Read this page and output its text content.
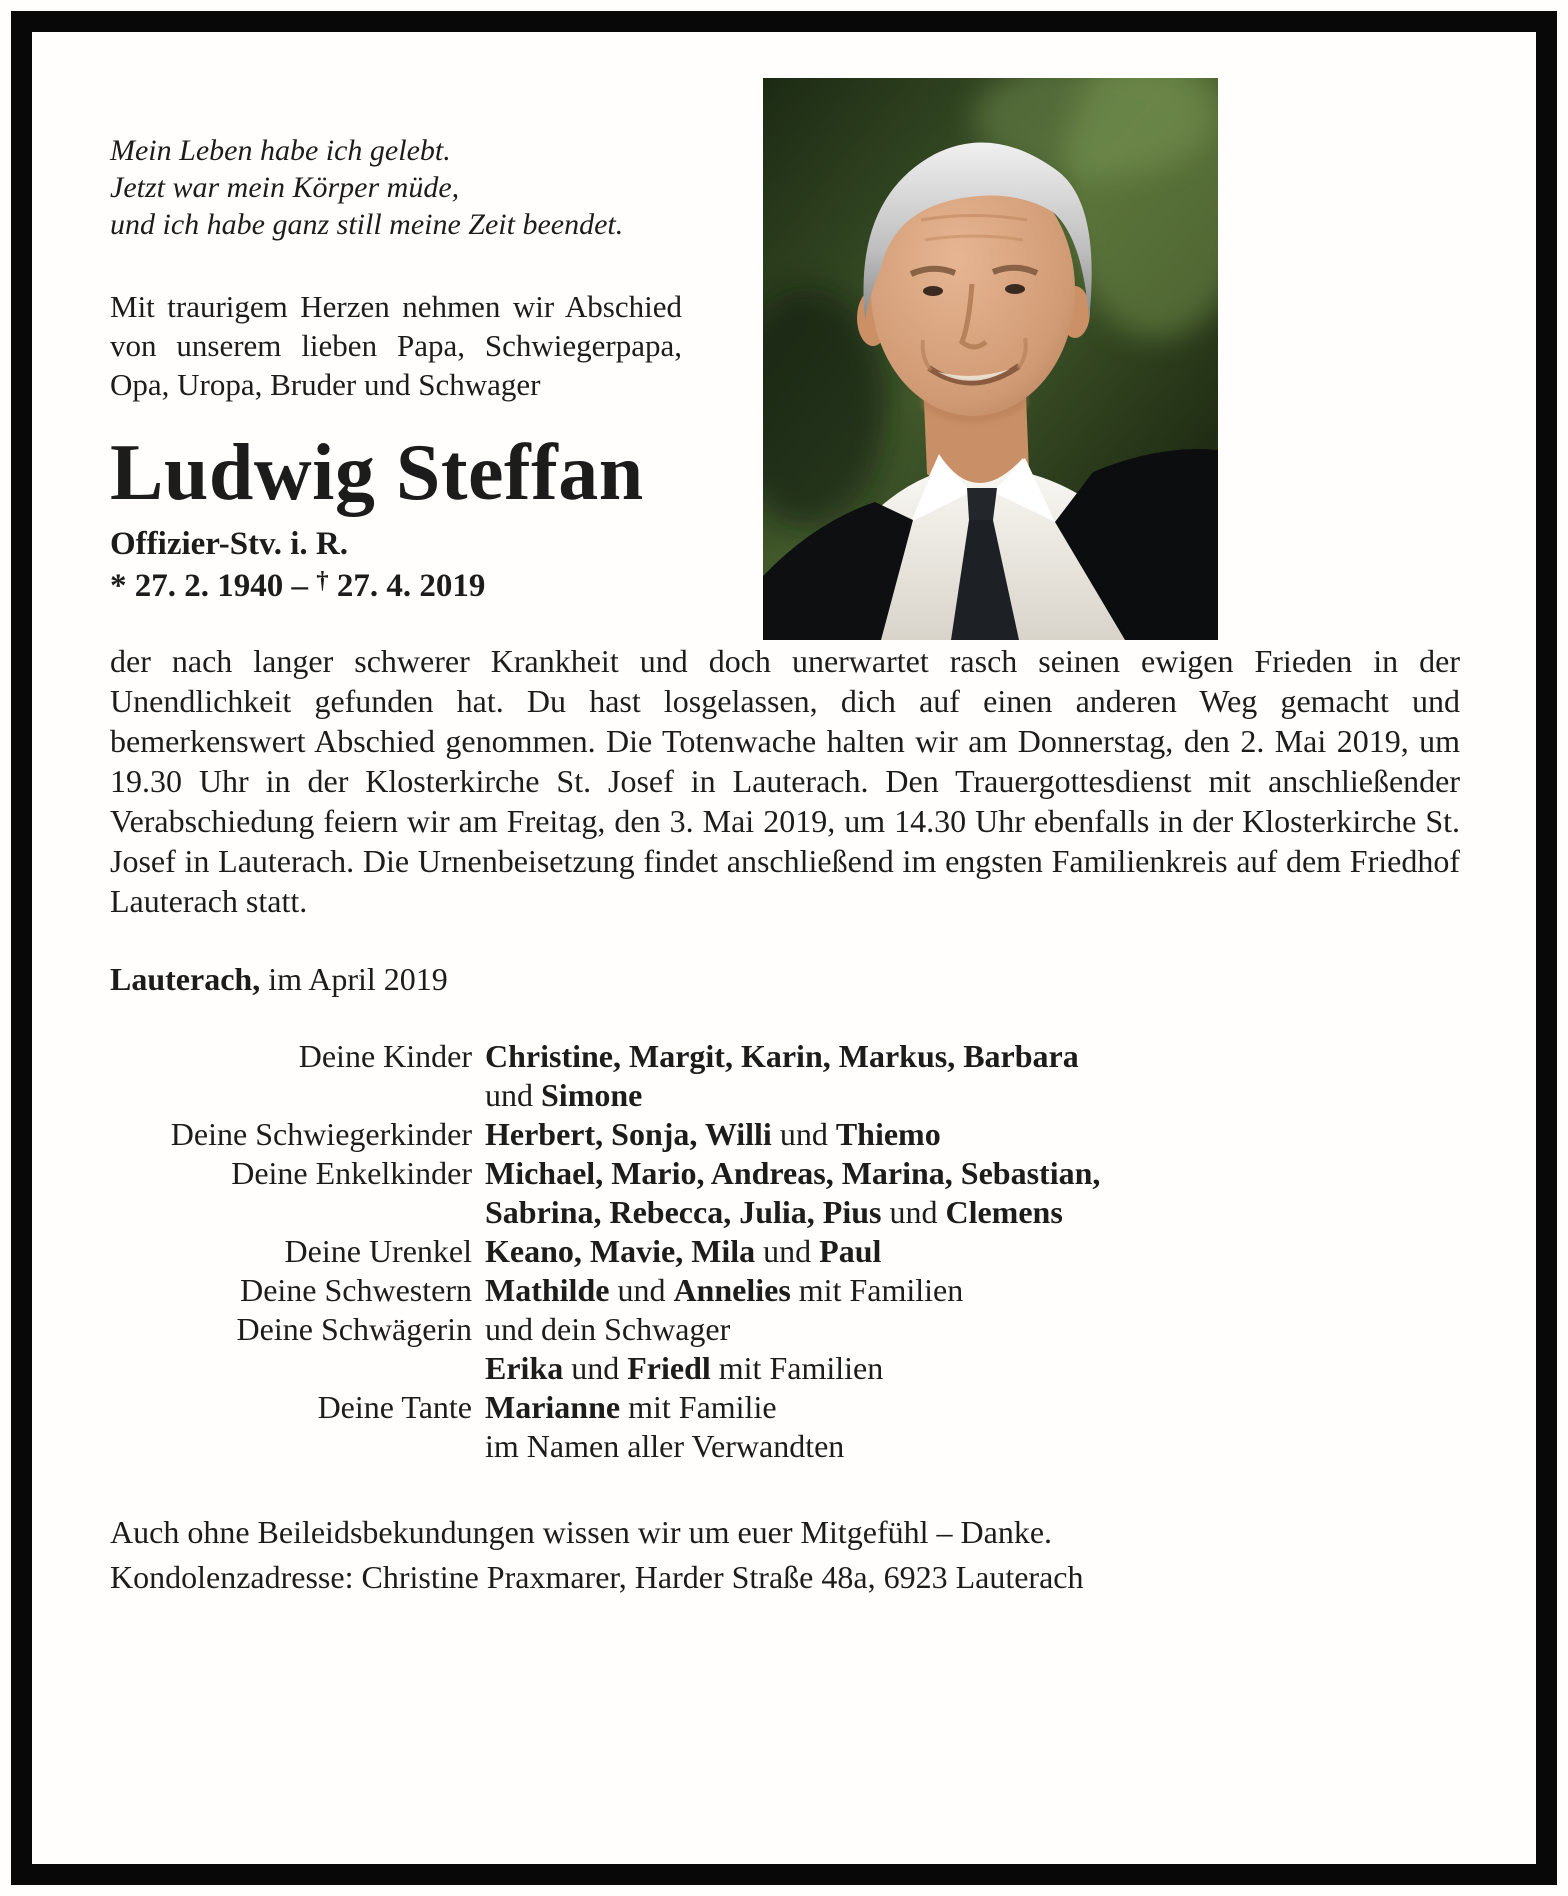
Mein Leben habe ich gelebt.
Jetzt war mein Körper müde,
und ich habe ganz still meine Zeit beendet.

Mit traurigem Herzen nehmen wir Abschied von unserem lieben Papa, Schwiegerpapa, Opa, Uropa, Bruder und Schwager

Ludwig Steffan
Offizier-Stv. i. R.
* 27. 2. 1940 – † 27. 4. 2019

der nach langer schwerer Krankheit und doch unerwartet rasch seinen ewigen Frieden in der Unendlichkeit gefunden hat. Du hast losgelassen, dich auf einen anderen Weg gemacht und bemerkenswert Abschied genommen. Die Totenwache halten wir am Donnerstag, den 2. Mai 2019, um 19.30 Uhr in der Klosterkirche St. Josef in Lauterach. Den Trauergottesdienst mit anschließender Verabschiedung feiern wir am Freitag, den 3. Mai 2019, um 14.30 Uhr ebenfalls in der Klosterkirche St. Josef in Lauterach. Die Urnenbeisetzung findet anschließend im engsten Familienkreis auf dem Friedhof Lauterach statt.

Lauterach, im April 2019
Deine Kinder Christine, Margit, Karin, Markus, Barbara
und Simone
Deine Schwiegerkinder Herbert, Sonja, Willi und Thiemo
Deine Enkelkinder Michael, Mario, Andreas, Marina, Sebastian,
Sabrina, Rebecca, Julia, Pius und Clemens
Deine Urenkel Keano, Mavie, Mila und Paul
Deine Schwestern Mathilde und Annelies mit Familien
Deine Schwägerin und dein Schwager
Erika und Friedl mit Familien
Deine Tante Marianne mit Familie
im Namen aller Verwandten
Auch ohne Beileidsbekundungen wissen wir um euer Mitgefühl – Danke.
Kondolenzadresse: Christine Praxmarer, Harder Straße 48a, 6923 Lauterach
